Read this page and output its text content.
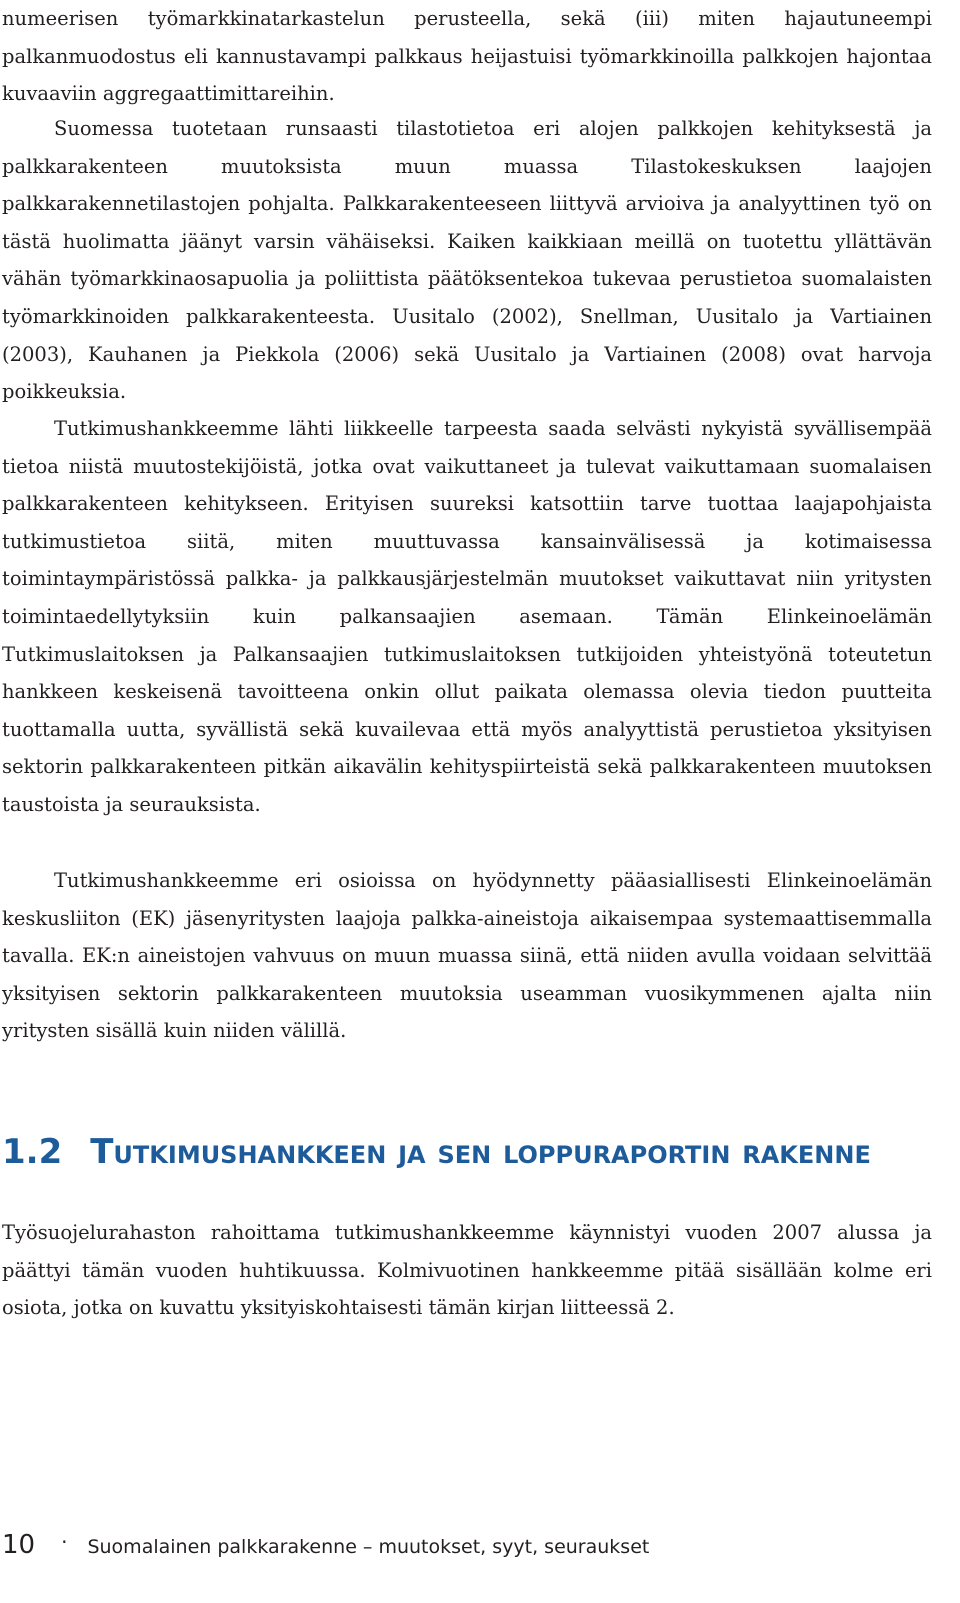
numeerisen työmarkkinatarkastelun perusteella, sekä (iii) miten hajautuneempi palkanmuodostus eli kannustavampi palkkaus heijastuisi työmarkkinoilla palkkojen hajontaa kuvaaviin aggregaattimittareihin.

Suomessa tuotetaan runsaasti tilastotietoa eri alojen palkkojen kehityksestä ja palkkarakenteen muutoksista muun muassa Tilastokeskuksen laajojen palkkarakennetilastojen pohjalta. Palkkarakenteeseen liittyvä arvioiva ja analyyttinen työ on tästä huolimatta jäänyt varsin vähäiseksi. Kaiken kaikkiaan meillä on tuotettu yllättävän vähän työmarkkinaosapuolia ja poliittista päätöksentekoa tukevaa perustietoa suomalaisten työmarkkinoiden palkkarakenteesta. Uusitalo (2002), Snellman, Uusitalo ja Vartiainen (2003), Kauhanen ja Piekkola (2006) sekä Uusitalo ja Vartiainen (2008) ovat harvoja poikkeuksia.

Tutkimushankkeemme lähti liikkeelle tarpeesta saada selvästi nykyistä syvällisempää tietoa niistä muutostekijöistä, jotka ovat vaikuttaneet ja tulevat vaikuttamaan suomalaisen palkkarakenteen kehitykseen. Erityisen suureksi katsottiin tarve tuottaa laajapohjaista tutkimustietoa siitä, miten muuttuvassa kansainvälisessä ja kotimaisessa toimintaympäristössä palkka- ja palkkausjärjestelmän muutokset vaikuttavat niin yritysten toimintaedellytyksiin kuin palkansaajien asemaan. Tämän Elinkeinoelämän Tutkimuslaitoksen ja Palkansaajien tutkimuslaitoksen tutkijoiden yhteistyönä toteutetun hankkeen keskeisenä tavoitteena onkin ollut paikata olemassa olevia tiedon puutteita tuottamalla uutta, syvällistä sekä kuvailevaa että myös analyyttistä perustietoa yksityisen sektorin palkkarakenteen pitkän aikavälin kehityspiirteistä sekä palkkarakenteen muutoksen taustoista ja seurauksista.

Tutkimushankkeemme eri osioissa on hyödynnetty pääasiallisesti Elinkeinoelämän keskusliiton (EK) jäsenyritysten laajoja palkka-aineistoja aikaisempaa systemaattisemmalla tavalla. EK:n aineistojen vahvuus on muun muassa siinä, että niiden avulla voidaan selvittää yksityisen sektorin palkkarakenteen muutoksia useamman vuosikymmenen ajalta niin yritysten sisällä kuin niiden välillä.

1.2 Tutkimushankkeen ja sen loppuraportin rakenne

Työsuojelurahaston rahoittama tutkimushankkeemme käynnistyi vuoden 2007 alussa ja päättyi tämän vuoden huhtikuussa. Kolmivuotinen hankkeemme pitää sisällään kolme eri osiota, jotka on kuvattu yksityiskohtaisesti tämän kirjan liitteessä 2.

10 · Suomalainen palkkarakenne – muutokset, syyt, seuraukset
